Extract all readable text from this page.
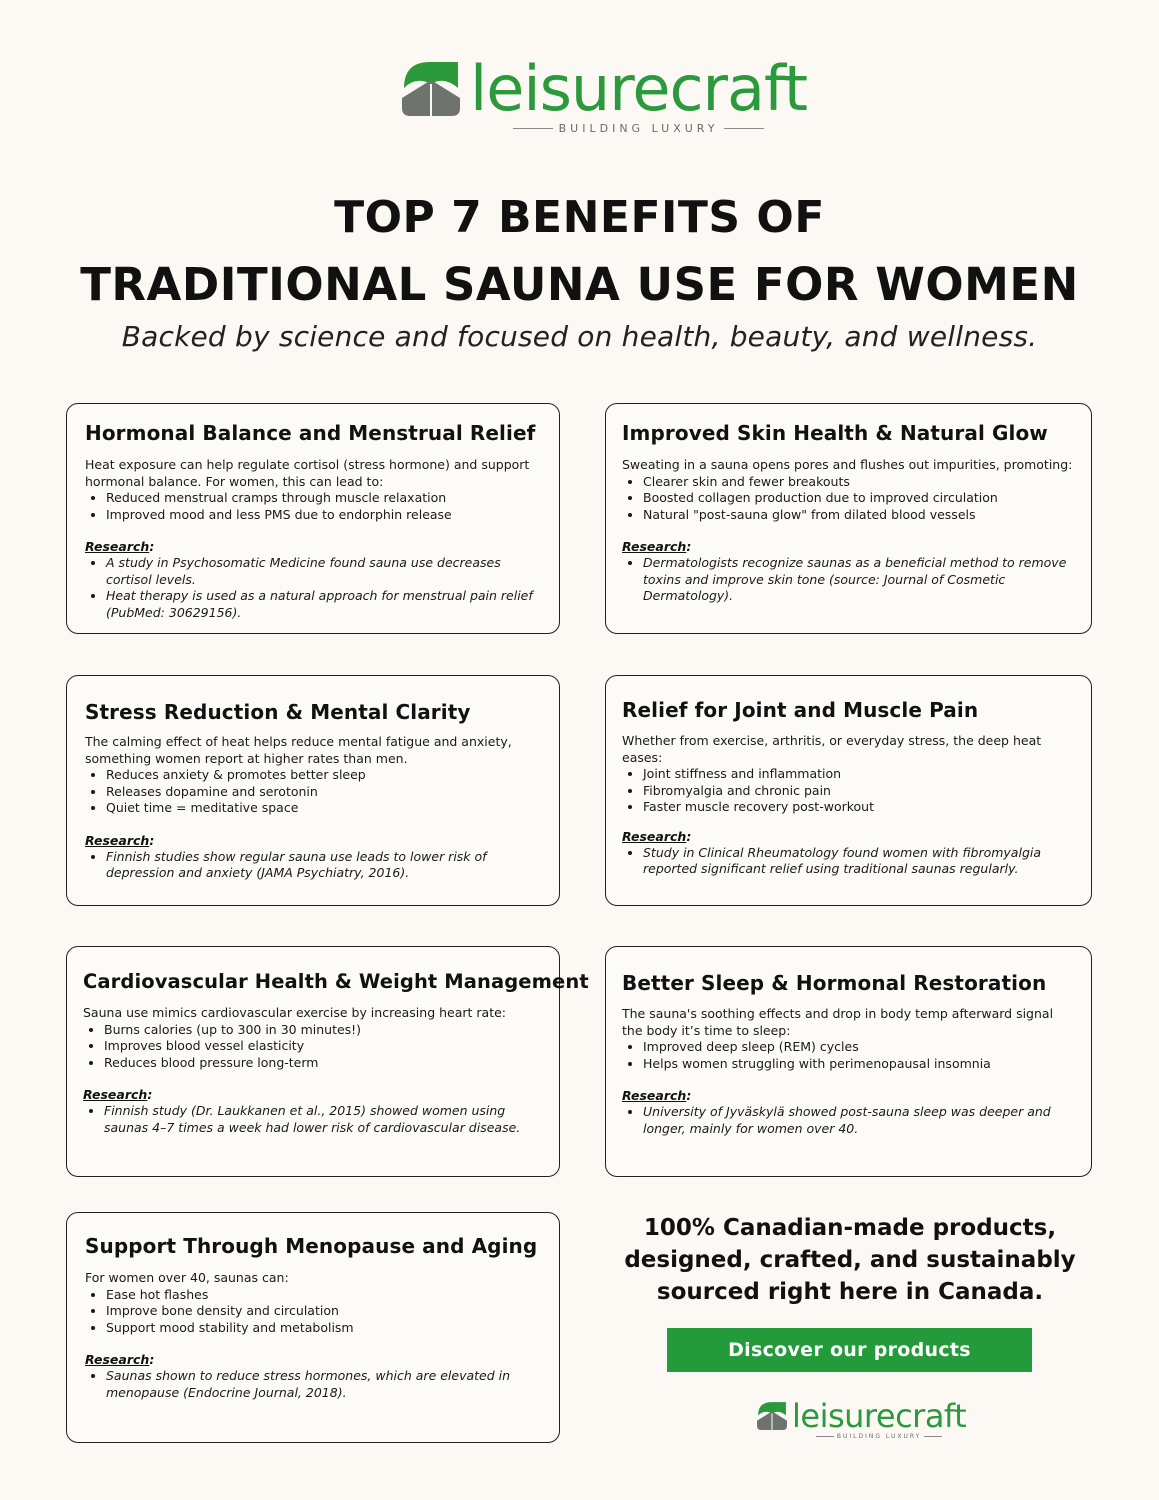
leisurecraft
BUILDING LUXURY
TOP 7 BENEFITS OF
TRADITIONAL SAUNA USE FOR WOMEN
Backed by science and focused on health, beauty, and wellness.
Hormonal Balance and Menstrual Relief

Heat exposure can help regulate cortisol (stress hormone) and support hormonal balance. For women, this can lead to:

• Reduced menstrual cramps through muscle relaxation
• Improved mood and less PMS due to endorphin release

Research:

• A study in Psychosomatic Medicine found sauna use decreases cortisol levels.
• Heat therapy is used as a natural approach for menstrual pain relief (PubMed: 30629156).
Improved Skin Health & Natural Glow

Sweating in a sauna opens pores and flushes out impurities, promoting:

• Clearer skin and fewer breakouts
• Boosted collagen production due to improved circulation
• Natural "post-sauna glow" from dilated blood vessels

Research:

• Dermatologists recognize saunas as a beneficial method to remove toxins and improve skin tone (source: Journal of Cosmetic Dermatology).
Stress Reduction & Mental Clarity

The calming effect of heat helps reduce mental fatigue and anxiety, something women report at higher rates than men.

• Reduces anxiety & promotes better sleep
• Releases dopamine and serotonin
• Quiet time = meditative space

Research:

• Finnish studies show regular sauna use leads to lower risk of depression and anxiety (JAMA Psychiatry, 2016).
Relief for Joint and Muscle Pain

Whether from exercise, arthritis, or everyday stress, the deep heat eases:

• Joint stiffness and inflammation
• Fibromyalgia and chronic pain
• Faster muscle recovery post-workout

Research:

• Study in Clinical Rheumatology found women with fibromyalgia reported significant relief using traditional saunas regularly.
Cardiovascular Health & Weight Management

Sauna use mimics cardiovascular exercise by increasing heart rate:

• Burns calories (up to 300 in 30 minutes!)
• Improves blood vessel elasticity
• Reduces blood pressure long-term

Research:

• Finnish study (Dr. Laukkanen et al., 2015) showed women using saunas 4–7 times a week had lower risk of cardiovascular disease.
Better Sleep & Hormonal Restoration

The sauna's soothing effects and drop in body temp afterward signal the body it’s time to sleep:

• Improved deep sleep (REM) cycles
• Helps women struggling with perimenopausal insomnia

Research:

• University of Jyväskylä showed post-sauna sleep was deeper and longer, mainly for women over 40.
Support Through Menopause and Aging

For women over 40, saunas can:

• Ease hot flashes
• Improve bone density and circulation
• Support mood stability and metabolism

Research:

• Saunas shown to reduce stress hormones, which are elevated in menopause (Endocrine Journal, 2018).
100% Canadian-made products,
designed, crafted, and sustainably
sourced right here in Canada.
Discover our products
leisurecraft
BUILDING LUXURY
